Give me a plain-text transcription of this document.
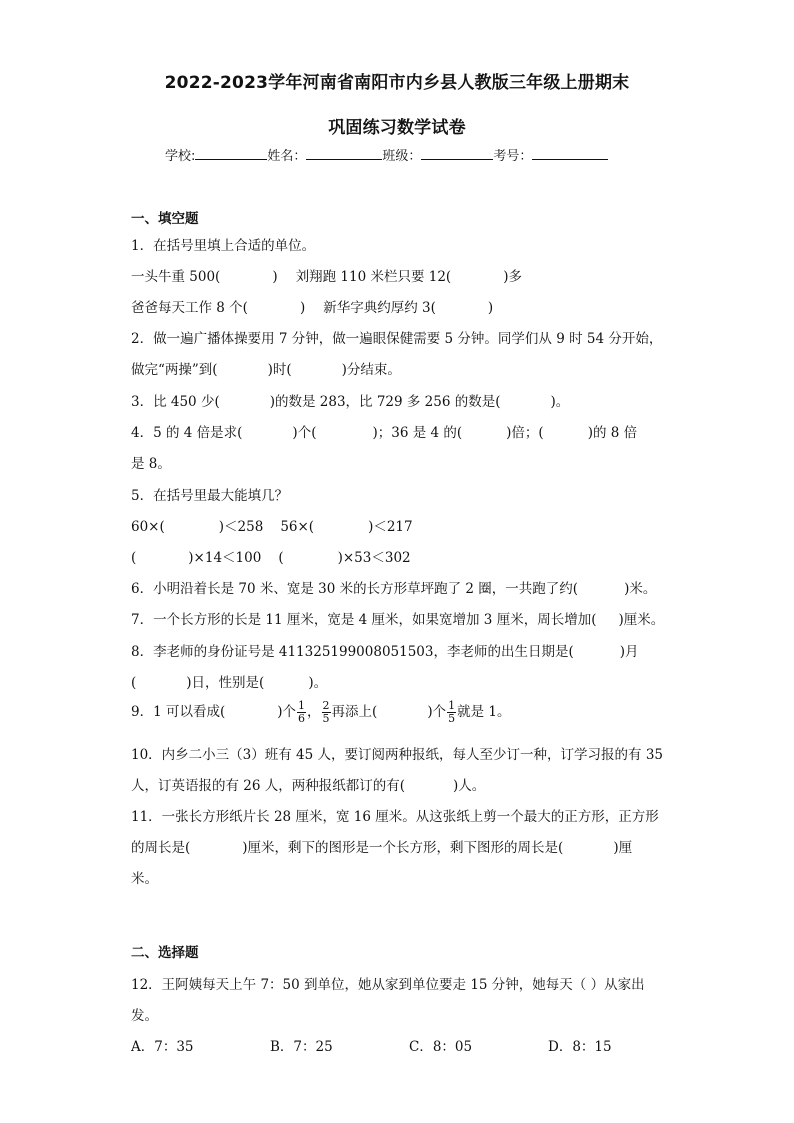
2022-2023学年河南省南阳市内乡县人教版三年级上册期末
巩固练习数学试卷
学校:	姓名：	班级：	考号：
一、填空题
1．在括号里填上合适的单位。
一头牛重 500(	) 刘翔跑 110 米栏只要 12(	)多
爸爸每天工作 8 个(	) 新华字典约厚约 3(	)
2．做一遍广播体操要用 7 分钟，做一遍眼保健需要 5 分钟。同学们从 9 时 54 分开始，
做完“两操”到(	)时(	)分结束。
3．比 450 少(	)的数是 283，比 729 多 256 的数是(	)。
4．5 的 4 倍是求(	)个(	)；36 是 4 的(	)倍；(	)的 8 倍
是 8。
5．在括号里最大能填几？
60×(	)＜258 56×(	)＜217
(	)×14＜100 (	)×53＜302
6．小明沿着长是 70 米、宽是 30 米的长方形草坪跑了 2 圈，一共跑了约(	)米。
7．一个长方形的长是 11 厘米，宽是 4 厘米，如果宽增加 3 厘米，周长增加( )厘米。
8．李老师的身份证号是 411325199008051503，李老师的出生日期是(	)月
(	)日，性别是(	)。
9．1 可以看成(	)个 $\frac{1}{6}$ ， $\frac{2}{5}$ 再添上(	)个 $\frac{1}{5}$ 就是 1。
10．内乡二小三（3）班有 45 人，要订阅两种报纸，每人至少订一种，订学习报的有 35
人，订英语报的有 26 人，两种报纸都订的有(	)人。
11．一张长方形纸片长 28 厘米，宽 16 厘米。从这张纸上剪一个最大的正方形，正方形
的周长是(	)厘米，剩下的图形是一个长方形，剩下图形的周长是(	)厘
米。
二、选择题
12．王阿姨每天上午 7：50 到单位，她从家到单位要走 15 分钟，她每天（ ）从家出
发。
A．7：35	B．7：25	C．8：05	D．8：15
